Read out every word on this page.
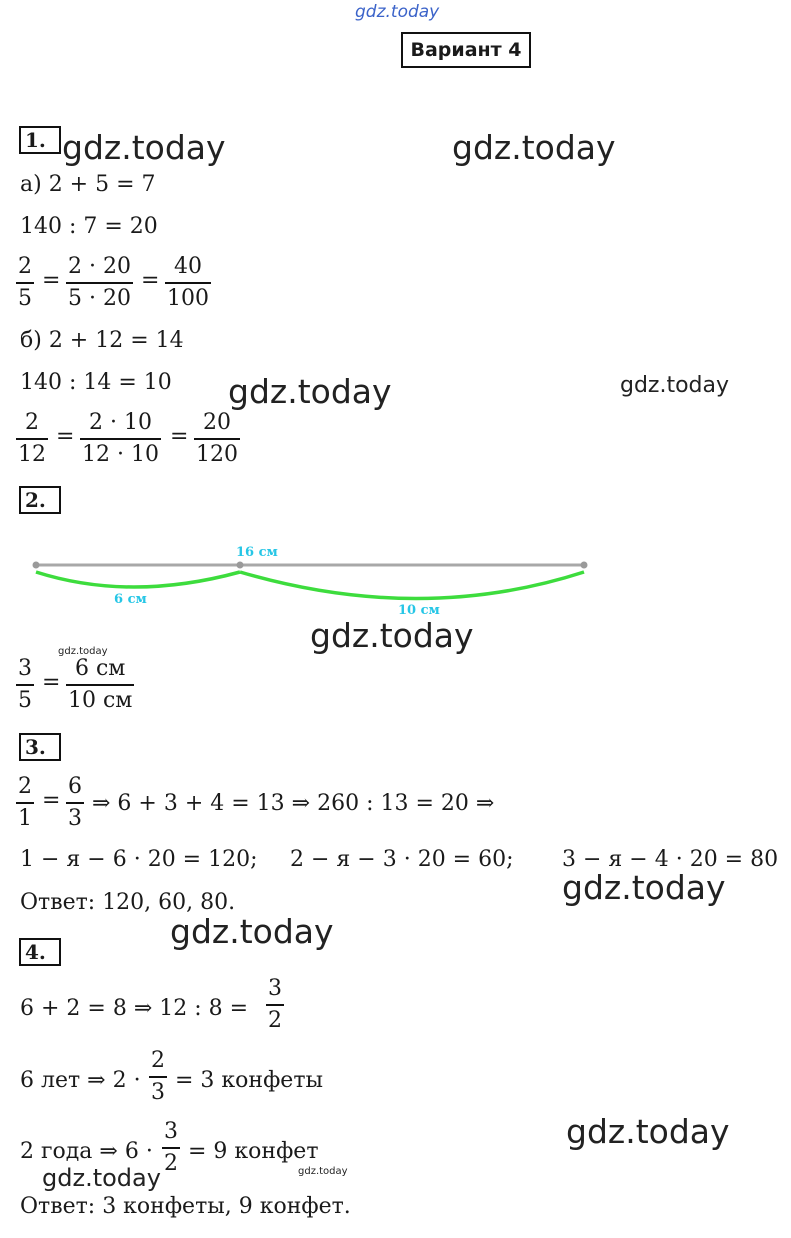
gdz.today
Вариант 4
1. gdz.today	gdz.today
а) 2 + 5 = 7
140 : 7 = 20
$\frac{2}{5} = \frac{2 \cdot 20}{5 \cdot 20} = \frac{40}{100}$
б) 2 + 12 = 14
140 : 14 = 10 gdz.today	gdz.today
$\frac{2}{12} = \frac{2 \cdot 10}{12 \cdot 10} = \frac{20}{120}$
2.
16 см
6 см
10 см
gdz.today
gdz.today
$\frac{3}{5}$ =
6 см
10 см
3.
$\frac{2}{1} = \frac{6}{3}$ ⇒ 6 + 3 + 4 = 13 ⇒ 260 : 13 = 20 ⇒
1 − я − 6 · 20 = 120; 2 − я − 3 · 20 = 60; 3 − я − 4 · 20 = 80
gdz.today
Ответ: 120, 60, 80.
4.
gdz.today
6 + 2 = 8 ⇒ 12 : $8 = \frac{3}{2}$
6 лет ⇒ $2 \cdot \frac{2}{3} = 3$ конфеты
gdz.today
2 года ⇒ $6 \cdot \frac{3}{2} = 9$ конфет
gdz.today	gdz.today
Ответ: 3 конфеты, 9 конфет.
